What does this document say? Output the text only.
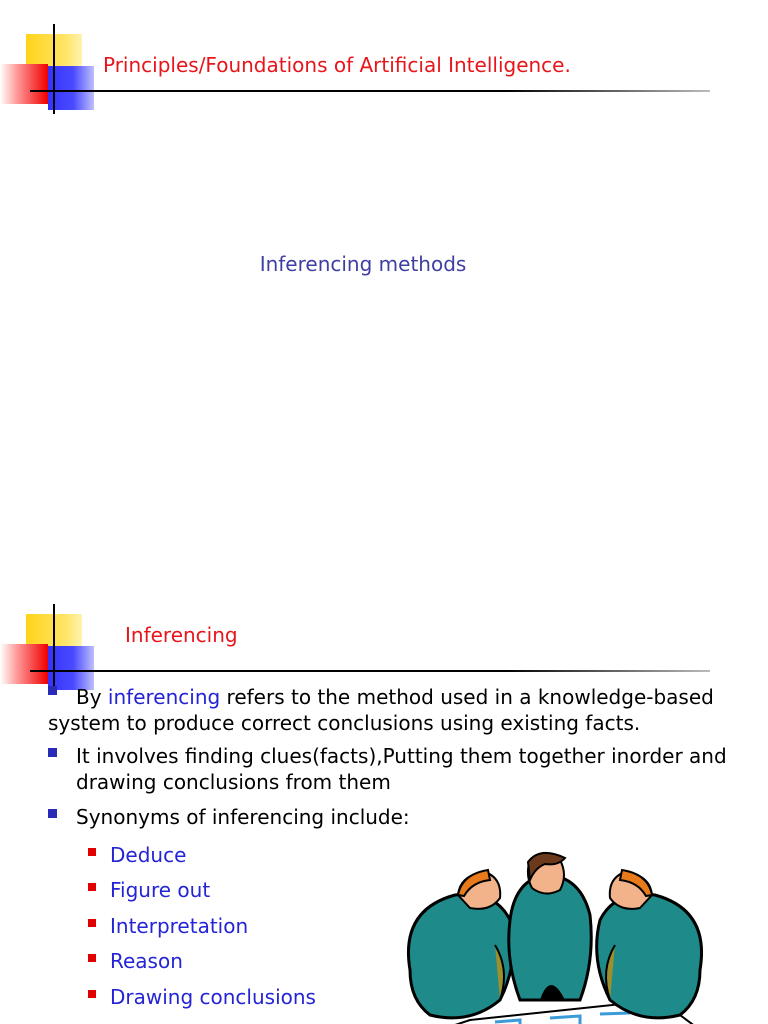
Principles/Foundations of Artificial Intelligence.
Inferencing methods
Inferencing
By inferencing refers to the method used in a knowledge-based system to produce correct conclusions using existing facts.
It involves finding clues(facts),Putting them together inorder and drawing conclusions from them
Synonyms of inferencing include:
Deduce
Figure out
Interpretation
Reason
Drawing conclusions
